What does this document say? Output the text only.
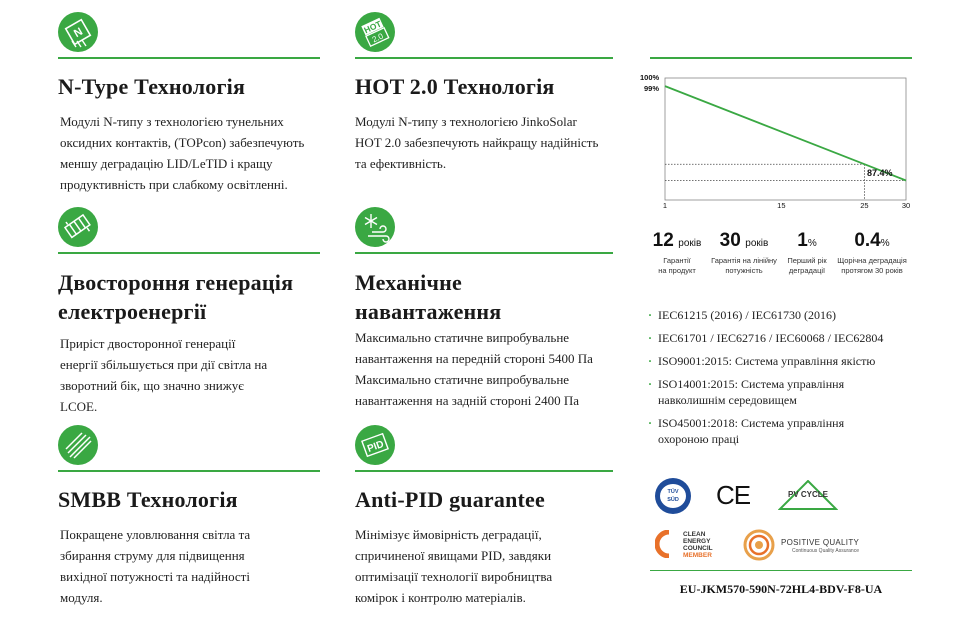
N
N-Type Технологія
Модулі N-типу з технологією тунельних
оксидних контактів, (TOPcon) забезпечують
меншу деградацію LID/LeTID і кращу
продуктивність при слабкому освітленні.
HOT
2.0
HOT 2.0 Технологія
Модулі N-типу з технологією JinkoSolar
HOT 2.0 забезпечують найкращу надійність
та ефективність.
Двостороння генерація
електроенергії
Приріст двосторонної генерації
енергії збільшується при дії світла на
зворотний бік, що значно знижує
LCOE.
Механічне
навантаження
Максимально статичне випробувальне
навантаження на передній стороні 5400 Па
Максимально статичне випробувальне
навантаження на задній стороні 2400 Па
SMBB Технологія
Покращене уловлювання світла та
збирання струму для підвищення
вихідної потужності та надійності
модуля.
PID
Anti-PID guarantee
Мінімізує ймовірність деградації,
спричиненої явищами PID, завдяки
оптимізації технології виробництва
комірок і контролю матеріалів.
100%
99%
1	15	25	30
87.4%
12 років
Гарантії
на продукт
30 років
Гарантія на лінійну
потужність
1%
Перший рік
деградації
0.4%
Щорічна деградація
протягом 30 років
· IEC61215 (2016) / IEC61730 (2016)
· IEC61701 / IEC62716 / IEC60068 / IEC62804
· ISO9001:2015: Система управління якістю
· ISO14001:2015: Система управління навколишнім середовищем
· ISO45001:2018: Система управління охороною праці
TÜV SÜD CE	PV CYCLE
CLEAN
ENERGY
COUNCIL
MEMBER
POSITIVE QUALITY
Continuous Quality Assurance
EU-JKM570-590N-72HL4-BDV-F8-UA
